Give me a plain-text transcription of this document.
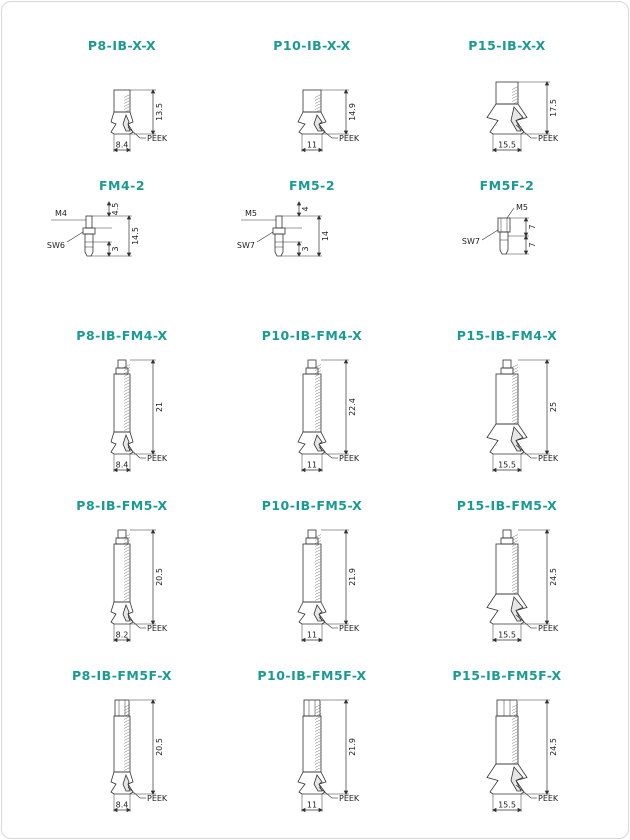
P8-IB-X-X
13.5
8.4
PEEK
P10-IB-X-X
14.9
11
PEEK
P15-IB-X-X
17.5
15.5
PEEK
FM4-2
M4
SW6
4.5
3
14.5
FM5-2
M5
SW7
4
3
14
FM5F-2
M5
SW7
7
7
P8-IB-FM4-X
21
8.4
PEEK
P10-IB-FM4-X
22.4
11
PEEK
P15-IB-FM4-X
25
15.5
PEEK
P8-IB-FM5-X
20.5
8.2
PEEK
P10-IB-FM5-X
21.9
11
PEEK
P15-IB-FM5-X
24.5
15.5
PEEK
P8-IB-FM5F-X
20.5
8.4
PEEK
P10-IB-FM5F-X
21.9
11
PEEK
P15-IB-FM5F-X
24.5
15.5
PEEK
